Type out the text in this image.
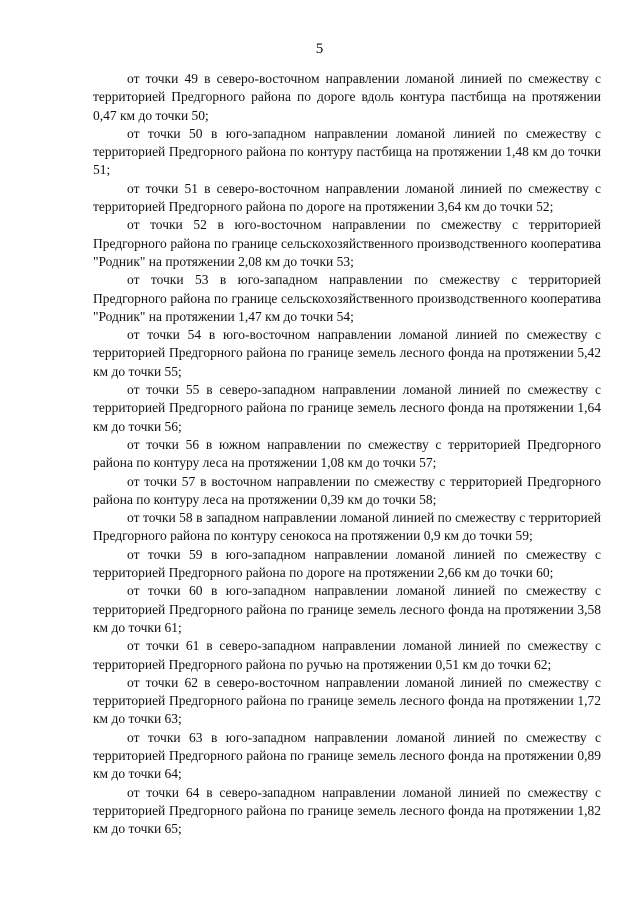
5

от точки 49 в северо-восточном направлении ломаной линией по смежеству с территорией Предгорного района по дороге вдоль контура пастбища на протяжении 0,47 км до точки 50;

от точки 50 в юго-западном направлении ломаной линией по смежеству с территорией Предгорного района по контуру пастбища на протяжении 1,48 км до точки 51;

от точки 51 в северо-восточном направлении ломаной линией по смежеству с территорией Предгорного района по дороге на протяжении 3,64 км до точки 52;

от точки 52 в юго-восточном направлении по смежеству с территорией Предгорного района по границе сельскохозяйственного производственного кооператива "Родник" на протяжении 2,08 км до точки 53;

от точки 53 в юго-западном направлении по смежеству с территорией Предгорного района по границе сельскохозяйственного производственного кооператива "Родник" на протяжении 1,47 км до точки 54;

от точки 54 в юго-восточном направлении ломаной линией по смежеству с территорией Предгорного района по границе земель лесного фонда на протяжении 5,42 км до точки 55;

от точки 55 в северо-западном направлении ломаной линией по смежеству с территорией Предгорного района по границе земель лесного фонда на протяжении 1,64 км до точки 56;

от точки 56 в южном направлении по смежеству с территорией Предгорного района по контуру леса на протяжении 1,08 км до точки 57;

от точки 57 в восточном направлении по смежеству с территорией Предгорного района по контуру леса на протяжении 0,39 км до точки 58;

от точки 58 в западном направлении ломаной линией по смежеству с территорией Предгорного района по контуру сенокоса на протяжении 0,9 км до точки 59;

от точки 59 в юго-западном направлении ломаной линией по смежеству с территорией Предгорного района по дороге на протяжении 2,66 км до точки 60;

от точки 60 в юго-западном направлении ломаной линией по смежеству с территорией Предгорного района по границе земель лесного фонда на протяжении 3,58 км до точки 61;

от точки 61 в северо-западном направлении ломаной линией по смежеству с территорией Предгорного района по ручью на протяжении 0,51 км до точки 62;

от точки 62 в северо-восточном направлении ломаной линией по смежеству с территорией Предгорного района по границе земель лесного фонда на протяжении 1,72 км до точки 63;

от точки 63 в юго-западном направлении ломаной линией по смежеству с территорией Предгорного района по границе земель лесного фонда на протяжении 0,89 км до точки 64;

от точки 64 в северо-западном направлении ломаной линией по смежеству с территорией Предгорного района по границе земель лесного фонда на протяжении 1,82 км до точки 65;
